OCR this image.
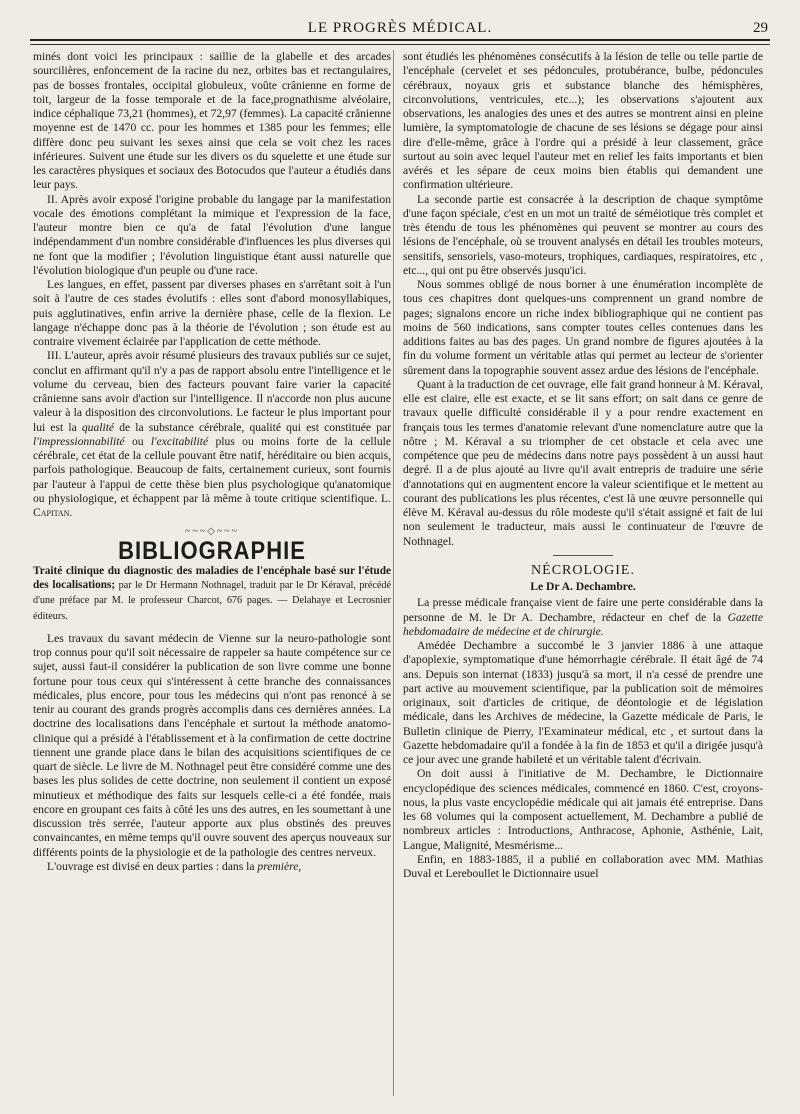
LE PROGRÈS MÉDICAL.	29

minés dont voici les principaux : saillie de la glabelle et des arcades sourcilières, enfoncement de la racine du nez, orbites bas et rectangulaires, pas de bosses frontales, occipital globuleux, voûte crânienne en forme de toit, largeur de la fosse temporale et de la face,prognathisme alvéolaire, indice céphalique 73,21 (hommes), et 72,97 (femmes). La capacité crânienne moyenne est de 1470 cc. pour les hommes et 1385 pour les femmes; elle diffère donc peu suivant les sexes ainsi que cela se voit chez les races inférieures. Suivent une étude sur les divers os du squelette et une étude sur les caractères physiques et sociaux des Botocudos que l'auteur a étudiés dans leur pays.

II. Après avoir exposé l'origine probable du langage par la manifestation vocale des émotions complétant la mimique et l'expression de la face, l'auteur montre bien ce qu'a de fatal l'évolution d'une langue indépendamment d'un nombre considérable d'influences les plus diverses qui ne font que la modifier ; l'évolution linguistique étant aussi naturelle que l'évolution biologique d'un peuple ou d'une race.

Les langues, en effet, passent par diverses phases en s'arrêtant soit à l'un soit à l'autre de ces stades évolutifs : elles sont d'abord monosyllabiques, puis agglutinatives, enfin arrive la dernière phase, celle de la flexion. Le langage n'échappe donc pas à la théorie de l'évolution ; son étude est au contraire vivement éclairée par l'application de cette méthode.

III. L'auteur, après avoir résumé plusieurs des travaux publiés sur ce sujet, conclut en affirmant qu'il n'y a pas de rapport absolu entre l'intelligence et le volume du cerveau, bien des facteurs pouvant faire varier la capacité crânienne sans avoir d'action sur l'intelligence. Il n'accorde non plus aucune valeur à la disposition des circonvolutions. Le facteur le plus important pour lui est la qualité de la substance cérébrale, qualité qui est constituée par l'impressionnabilité ou l'excitabilité plus ou moins forte de la cellule cérébrale, cet état de la cellule pouvant être natif, héréditaire ou bien acquis, parfois pathologique. Beaucoup de faits, certainement curieux, sont fournis par l'auteur à l'appui de cette thèse bien plus psychologique qu'anatomique ou physiologique, et échappent par là même à toute critique scientifique. L. Capitan.

~~~◇~~~
BIBLIOGRAPHIE

Traité clinique du diagnostic des maladies de l'encéphale basé sur l'étude des localisations; par le Dr Hermann Nothnagel, traduit par le Dr Kéraval, précédé d'une préface par M. le professeur Charcot, 676 pages. — Delahaye et Lecrosnier éditeurs.

Les travaux du savant médecin de Vienne sur la neuro-pathologie sont trop connus pour qu'il soit nécessaire de rappeler sa haute compétence sur ce sujet, aussi faut-il considérer la publication de son livre comme une bonne fortune pour tous ceux qui s'intéressent à cette branche des connaissances médicales, plus encore, pour tous les médecins qui n'ont pas renoncé à se tenir au courant des grands progrès accomplis dans ces dernières années. La doctrine des localisations dans l'encéphale et surtout la méthode anatomo-clinique qui a présidé à l'établissement et à la confirmation de cette doctrine tiennent une grande place dans le bilan des acquisitions scientifiques de ce quart de siècle. Le livre de M. Nothnagel peut être considéré comme une des bases les plus solides de cette doctrine, non seulement il contient un exposé minutieux et méthodique des faits sur lesquels celle-ci a été fondée, mais encore en groupant ces faits à côté les uns des autres, en les soumettant à une discussion très serrée, l'auteur apporte aux plus obstinés des preuves convaincantes, en même temps qu'il ouvre souvent des aperçus nouveaux sur différents points de la physiologie et de la pathologie des centres nerveux.

L'ouvrage est divisé en deux parties : dans la première,

sont étudiés les phénomènes consécutifs à la lésion de telle ou telle partie de l'encéphale (cervelet et ses pédoncules, protubérance, bulbe, pédoncules cérébraux, noyaux gris et substance blanche des hémisphères, circonvolutions, ventricules, etc...); les observations s'ajoutent aux observations, les analogies des unes et des autres se montrent ainsi en pleine lumière, la symptomatologie de chacune de ses lésions se dégage pour ainsi dire d'elle-même, grâce à l'ordre qui a présidé à leur classement, grâce surtout au soin avec lequel l'auteur met en relief les faits importants et bien avérés et les sépare de ceux moins bien établis qui demandent une confirmation ultérieure.

La seconde partie est consacrée à la description de chaque symptôme d'une façon spéciale, c'est en un mot un traité de séméiotique très complet et très étendu de tous les phénomènes qui peuvent se montrer au cours des lésions de l'encéphale, où se trouvent analysés en détail les troubles moteurs, sensitifs, sensoriels, vaso-moteurs, trophiques, cardiaques, respiratoires, etc , etc..., qui ont pu être observés jusqu'ici.

Nous sommes obligé de nous borner à une énumération incomplète de tous ces chapitres dont quelques-uns comprennent un grand nombre de pages; signalons encore un riche index bibliographique qui ne contient pas moins de 560 indications, sans compter toutes celles contenues dans les additions faites au bas des pages. Un grand nombre de figures ajoutées à la fin du volume forment un véritable atlas qui permet au lecteur de s'orienter sûrement dans la topographie souvent assez ardue des lésions de l'encéphale.

Quant à la traduction de cet ouvrage, elle fait grand honneur à M. Kéraval, elle est claire, elle est exacte, et se lit sans effort; on sait dans ce genre de travaux quelle difficulté considérable il y a pour rendre exactement en français tous les termes d'anatomie relevant d'une nomenclature autre que la nôtre ; M. Kéraval a su triompher de cet obstacle et cela avec une compétence que peu de médecins dans notre pays possèdent à un aussi haut degré. Il a de plus ajouté au livre qu'il avait entrepris de traduire une série d'annotations qui en augmentent encore la valeur scientifique et le mettent au courant des publications les plus récentes, c'est là une œuvre personnelle qui élève M. Kéraval au-dessus du rôle modeste qu'il s'était assigné et fait de lui non seulement le traducteur, mais aussi le continuateur de l'œuvre de Nothnagel.

NÉCROLOGIE.
Le Dr A. Dechambre.

La presse médicale française vient de faire une perte considérable dans la personne de M. le Dr A. Dechambre, rédacteur en chef de la Gazette hebdomadaire de médecine et de chirurgie.

Amédée Dechambre a succombé le 3 janvier 1886 à une attaque d'apoplexie, symptomatique d'une hémorrhagie cérébrale. Il était âgé de 74 ans. Depuis son internat (1833) jusqu'à sa mort, il n'a cessé de prendre une part active au mouvement scientifique, par la publication soit de mémoires originaux, soit d'articles de critique, de déontologie et de législation médicale, dans les Archives de médecine, la Gazette médicale de Paris, le Bulletin clinique de Pierry, l'Examinateur médical, etc , et surtout dans la Gazette hebdomadaire qu'il a fondée à la fin de 1853 et qu'il a dirigée jusqu'à ce jour avec une grande habileté et un véritable talent d'écrivain.

On doit aussi à l'initiative de M. Dechambre, le Dictionnaire encyclopédique des sciences médicales, commencé en 1860. C'est, croyons-nous, la plus vaste encyclopédie médicale qui ait jamais été entreprise. Dans les 68 volumes qui la composent actuellement, M. Dechambre a publié de nombreux articles : Introductions, Anthracose, Aphonie, Asthénie, Lait, Langue, Malignité, Mesmérisme...

Enfin, en 1883-1885, il a publié en collaboration avec MM. Mathias Duval et Lereboullet le Dictionnaire usuel
